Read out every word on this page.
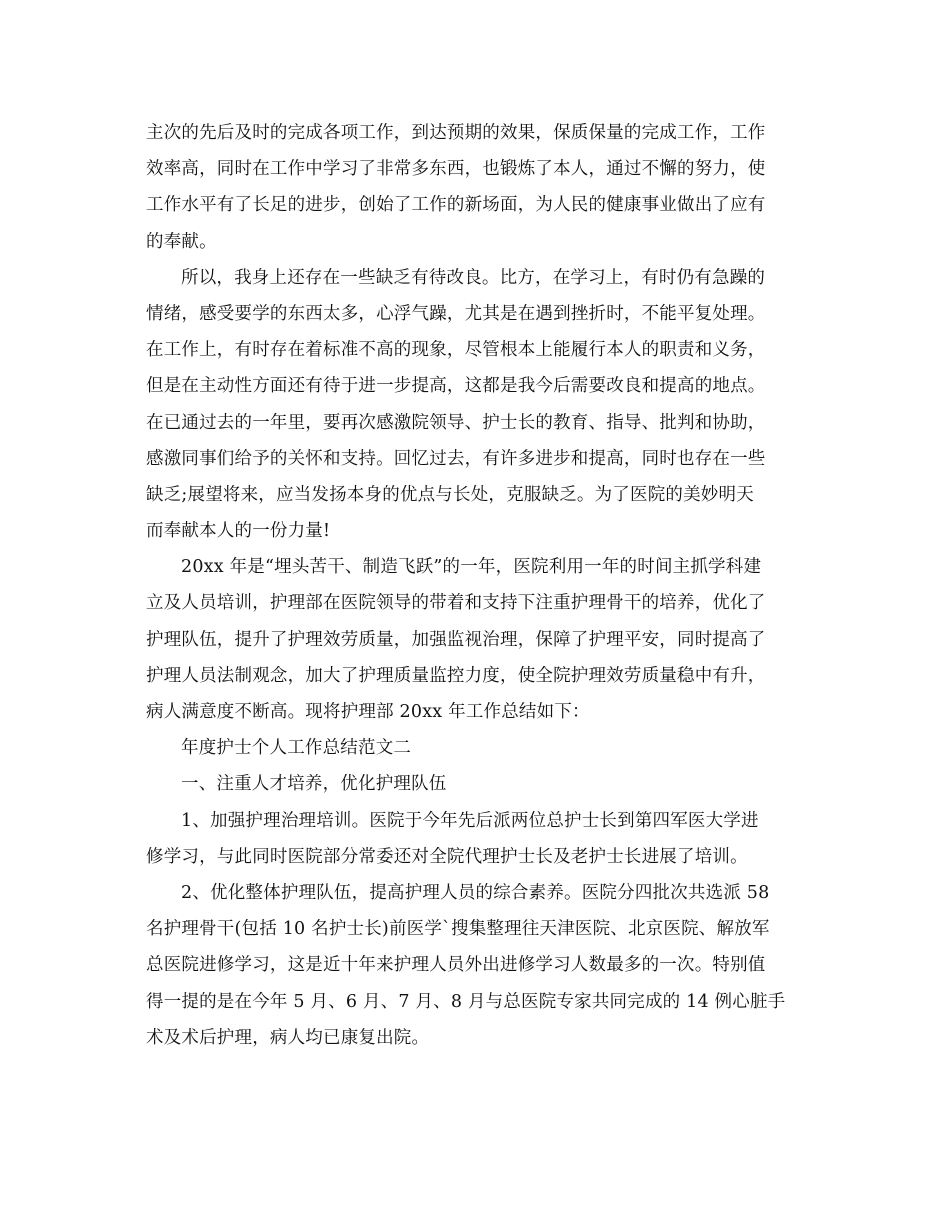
主次的先后及时的完成各项工作，到达预期的效果，保质保量的完成工作，工作
效率高，同时在工作中学习了非常多东西，也锻炼了本人，通过不懈的努力，使
工作水平有了长足的进步，创始了工作的新场面，为人民的健康事业做出了应有
的奉献。
所以，我身上还存在一些缺乏有待改良。比方，在学习上，有时仍有急躁的
情绪，感受要学的东西太多，心浮气躁，尤其是在遇到挫折时，不能平复处理。
在工作上，有时存在着标准不高的现象，尽管根本上能履行本人的职责和义务，
但是在主动性方面还有待于进一步提高，这都是我今后需要改良和提高的地点。
在已通过去的一年里，要再次感激院领导、护士长的教育、指导、批判和协助，
感激同事们给予的关怀和支持。回忆过去，有许多进步和提高，同时也存在一些
缺乏;展望将来，应当发扬本身的优点与长处，克服缺乏。为了医院的美妙明天
而奉献本人的一份力量!
20xx 年是“埋头苦干、制造飞跃”的一年，医院利用一年的时间主抓学科建
立及人员培训，护理部在医院领导的带着和支持下注重护理骨干的培养，优化了
护理队伍，提升了护理效劳质量，加强监视治理，保障了护理平安，同时提高了
护理人员法制观念，加大了护理质量监控力度，使全院护理效劳质量稳中有升，
病人满意度不断高。现将护理部 20xx 年工作总结如下：
年度护士个人工作总结范文二
一、注重人才培养，优化护理队伍
1、加强护理治理培训。医院于今年先后派两位总护士长到第四军医大学进
修学习，与此同时医院部分常委还对全院代理护士长及老护士长进展了培训。
2、优化整体护理队伍，提高护理人员的综合素养。医院分四批次共选派 58
名护理骨干(包括 10 名护士长)前医学`搜集整理往天津医院、北京医院、解放军
总医院进修学习，这是近十年来护理人员外出进修学习人数最多的一次。特别值
得一提的是在今年 5 月、6 月、7 月、8 月与总医院专家共同完成的 14 例心脏手
术及术后护理，病人均已康复出院。
